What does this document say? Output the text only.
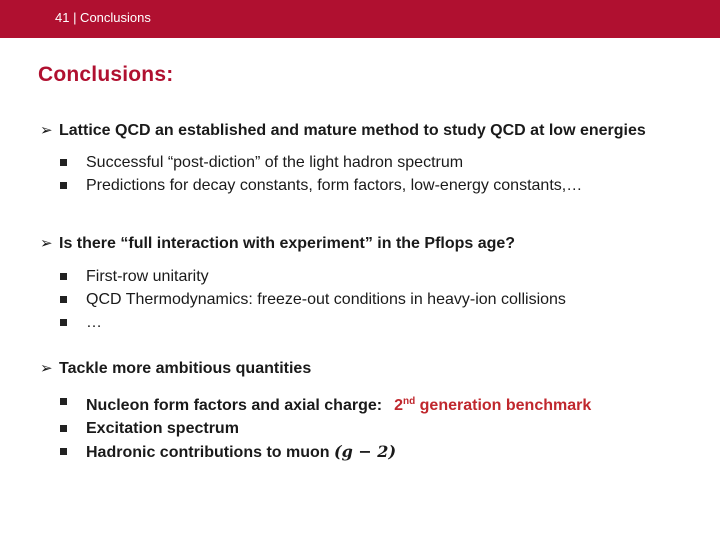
41 | Conclusions
Conclusions:
➢ Lattice QCD an established and mature method to study QCD at low energies
Successful “post-diction” of the light hadron spectrum
Predictions for decay constants, form factors, low-energy constants,…
➢ Is there “full interaction with experiment” in the Pflops age?
First-row unitarity
QCD Thermodynamics: freeze-out conditions in heavy-ion collisions
…
➢ Tackle more ambitious quantities
Nucleon form factors and axial charge: 2nd generation benchmark
Excitation spectrum
Hadronic contributions to muon (g − 2)
